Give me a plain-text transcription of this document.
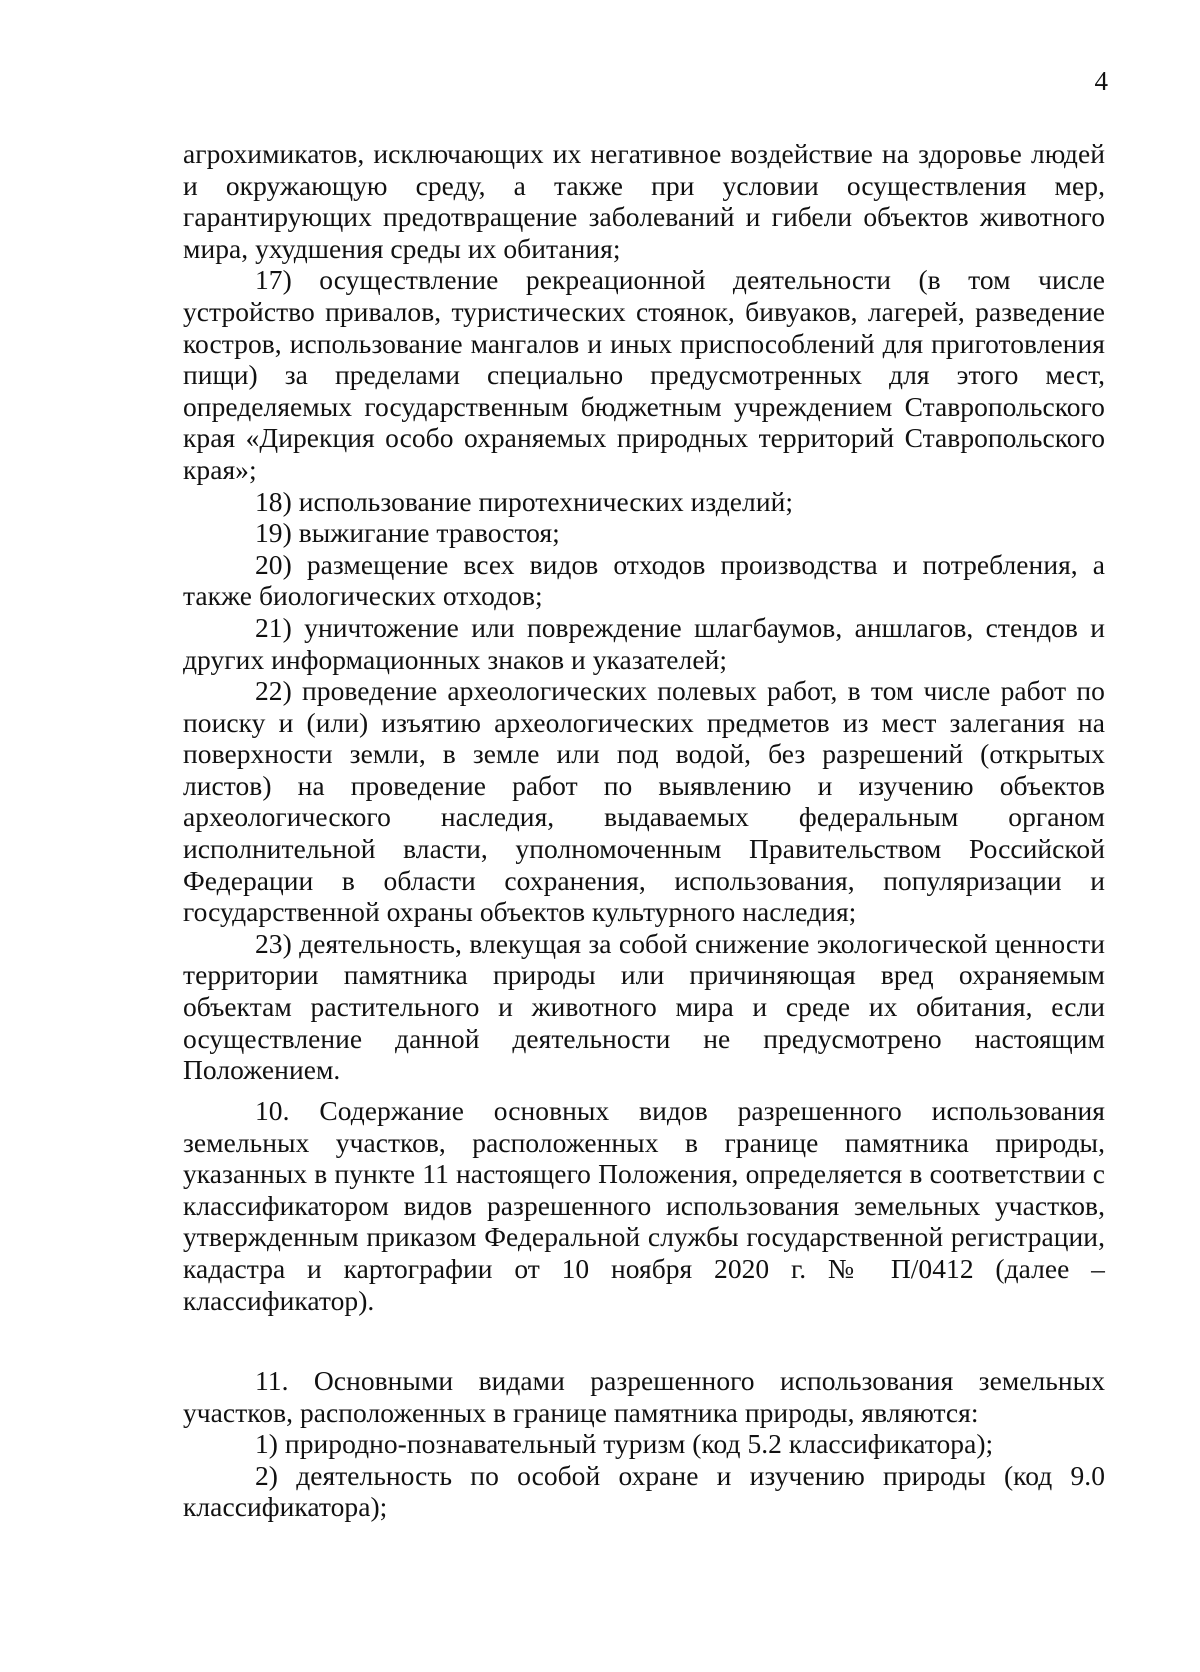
4

агрохимикатов, исключающих их негативное воздействие на здоровье людей и окружающую среду, а также при условии осуществления мер, гарантирующих предотвращение заболеваний и гибели объектов животного мира, ухудшения среды их обитания;

17) осуществление рекреационной деятельности (в том числе устройство привалов, туристических стоянок, бивуаков, лагерей, разведение костров, использование мангалов и иных приспособлений для приготовления пищи) за пределами специально предусмотренных для этого мест, определяемых государственным бюджетным учреждением Ставропольского края «Дирекция особо охраняемых природных территорий Ставропольского края»;

18) использование пиротехнических изделий;

19) выжигание травостоя;

20) размещение всех видов отходов производства и потребления, а также биологических отходов;

21) уничтожение или повреждение шлагбаумов, аншлагов, стендов и других информационных знаков и указателей;

22) проведение археологических полевых работ, в том числе работ по поиску и (или) изъятию археологических предметов из мест залегания на поверхности земли, в земле или под водой, без разрешений (открытых листов) на проведение работ по выявлению и изучению объектов археологического наследия, выдаваемых федеральным органом исполнительной власти, уполномоченным Правительством Российской Федерации в области сохранения, использования, популяризации и государственной охраны объектов культурного наследия;

23) деятельность, влекущая за собой снижение экологической ценности территории памятника природы или причиняющая вред охраняемым объектам растительного и животного мира и среде их обитания, если осуществление данной деятельности не предусмотрено настоящим Положением.

10. Содержание основных видов разрешенного использования земельных участков, расположенных в границе памятника природы, указанных в пункте 11 настоящего Положения, определяется в соответствии с классификатором видов разрешенного использования земельных участков, утвержденным приказом Федеральной службы государственной регистрации, кадастра и картографии от 10 ноября 2020 г. № П/0412 (далее – классификатор).

11. Основными видами разрешенного использования земельных участков, расположенных в границе памятника природы, являются:

1) природно-познавательный туризм (код 5.2 классификатора);

2) деятельность по особой охране и изучению природы (код 9.0 классификатора);
